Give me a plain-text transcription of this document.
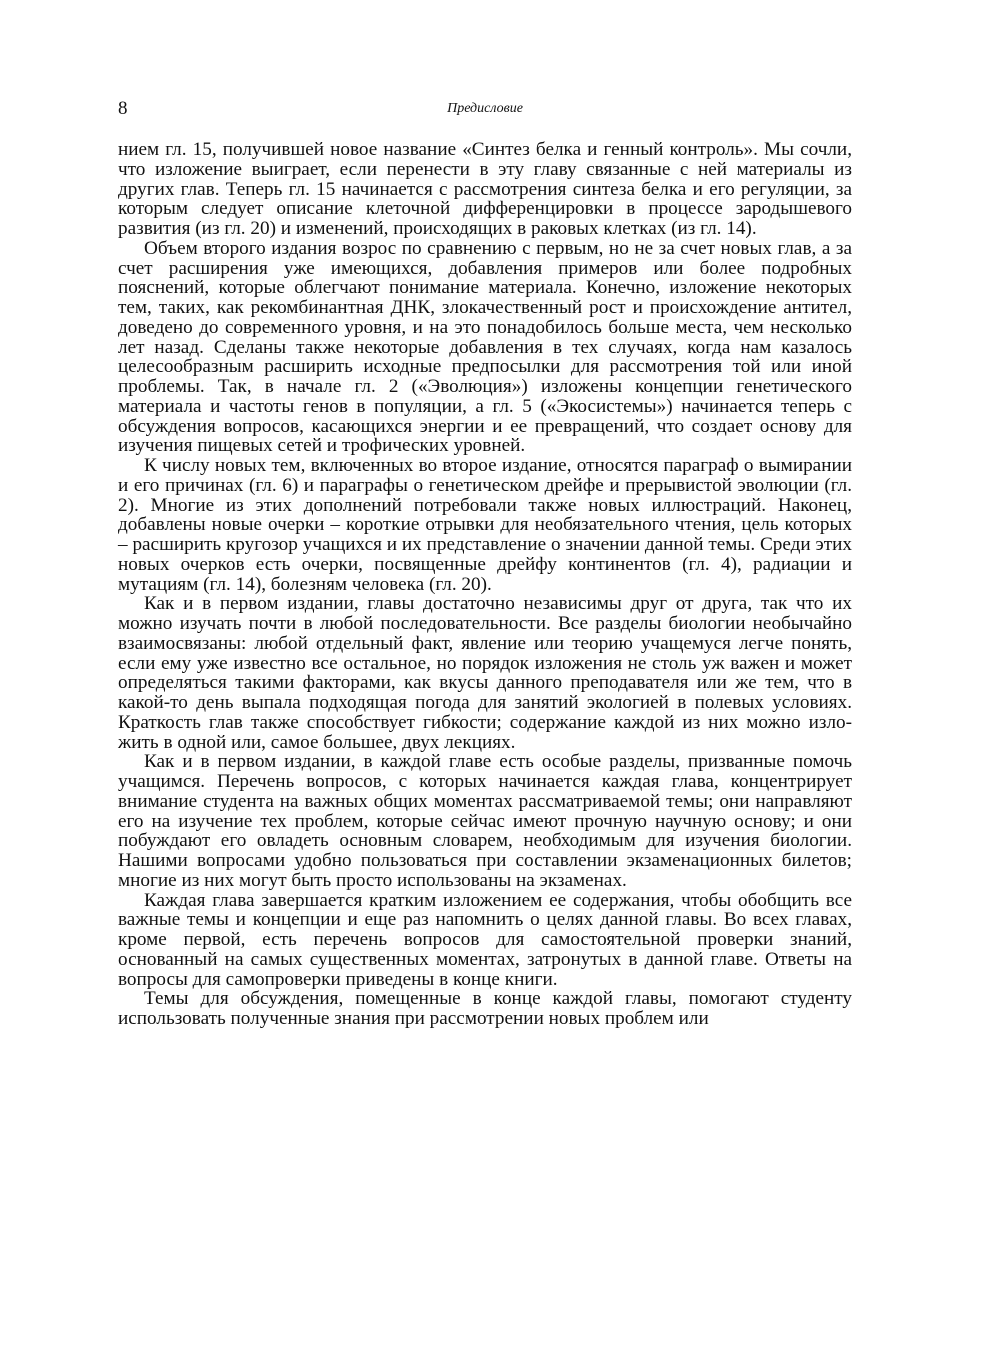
8	Предисловие

нием гл. 15, получившей новое название «Синтез белка и генный контроль». Мы сочли, что изложение выиграет, если перенести в эту главу связанные с ней материалы из других глав. Теперь гл. 15 начинается с рассмотрения синтеза белка и его регуляции, за которым следует описание клеточной дифференцировки в процессе зародышевого развития (из гл. 20) и изменений, происходящих в раковых клетках (из гл. 14).

Объем второго издания возрос по сравнению с первым, но не за счет новых глав, а за счет расширения уже имеющихся, добавления примеров или более подробных пояснений, которые облегчают понимание материала. Конечно, изложение некоторых тем, таких, как рекомбинантная ДНК, злокачественный рост и происхождение антител, доведено до современного уровня, и на это понадобилось больше места, чем несколько лет назад. Сделаны также некоторые добавления в тех случаях, когда нам казалось целесообразным расширить исходные предпосылки для рассмотрения той или иной проблемы. Так, в начале гл. 2 («Эволюция») изложены концепции генетического материала и частоты генов в популяции, а гл. 5 («Экосистемы») начинается теперь с обсуждения вопросов, касающихся энергии и ее превращений, что создает основу для изучения пищевых сетей и трофических уровней.

К числу новых тем, включенных во второе издание, относятся параграф о вымирании и его причинах (гл. 6) и параграфы о генетическом дрейфе и прерывистой эволюции (гл. 2). Многие из этих дополнений потребовали также новых иллюстраций. Наконец, добавлены новые очерки – короткие отрывки для необязательного чтения, цель которых – расширить кругозор учащихся и их представление о значении данной темы. Среди этих новых очерков есть очерки, посвященные дрейфу континентов (гл. 4), радиации и мутациям (гл. 14), болезням человека (гл. 20).

Как и в первом издании, главы достаточно независимы друг от друга, так что их можно изучать почти в любой последовательности. Все разделы биологии необычайно взаимосвязаны: любой отдельный факт, явление или теорию учащемуся легче понять, если ему уже известно все остальное, но порядок изложения не столь уж важен и может определяться такими факторами, как вкусы данного преподавателя или же тем, что в какой-то день выпала подходящая погода для занятий экологией в полевых условиях. Краткость глав также способствует гибкости; содержание каждой из них можно изложить в одной или, самое большее, двух лекциях.

Как и в первом издании, в каждой главе есть особые разделы, призванные помочь учащимся. Перечень вопросов, с которых начинается каждая глава, концентрирует внимание студента на важных общих моментах рассматриваемой темы; они направляют его на изучение тех проблем, которые сейчас имеют прочную научную основу; и они побуждают его овладеть основным словарем, необходимым для изучения биологии. Нашими вопросами удобно пользоваться при составлении экзаменационных билетов; многие из них могут быть просто использованы на экзаменах.

Каждая глава завершается кратким изложением ее содержания, чтобы обобщить все важные темы и концепции и еще раз напомнить о целях данной главы. Во всех главах, кроме первой, есть перечень вопросов для самостоятельной проверки знаний, основанный на самых существенных моментах, затронутых в данной главе. Ответы на вопросы для самопроверки приведены в конце книги.

Темы для обсуждения, помещенные в конце каждой главы, помогают студенту использовать полученные знания при рассмотрении новых проблем или
